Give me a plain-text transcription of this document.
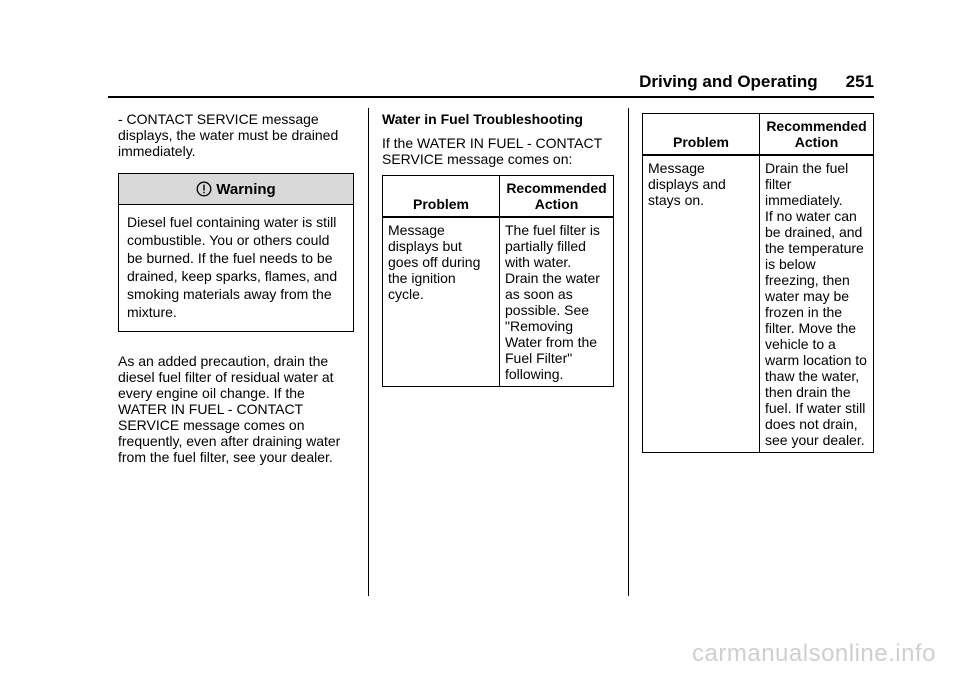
Driving and Operating 251

- CONTACT SERVICE message displays, the water must be drained immediately.

Warning
Diesel fuel containing water is still combustible. You or others could be burned. If the fuel needs to be drained, keep sparks, flames, and smoking materials away from the mixture.

As an added precaution, drain the diesel fuel filter of residual water at every engine oil change. If the WATER IN FUEL - CONTACT SERVICE message comes on frequently, even after draining water from the fuel filter, see your dealer.

Water in Fuel Troubleshooting

If the WATER IN FUEL - CONTACT SERVICE message comes on:

Problem	Recommended Action
Message displays but goes off during the ignition cycle.	The fuel filter is partially filled with water. Drain the water as soon as possible. See "Removing Water from the Fuel Filter" following.
Problem	Recommended Action
Message displays and stays on.	Drain the fuel filter immediately.
If no water can be drained, and the temperature is below freezing, then water may be frozen in the filter. Move the vehicle to a warm location to thaw the water, then drain the fuel. If water still does not drain, see your dealer.
carmanualsonline.info
